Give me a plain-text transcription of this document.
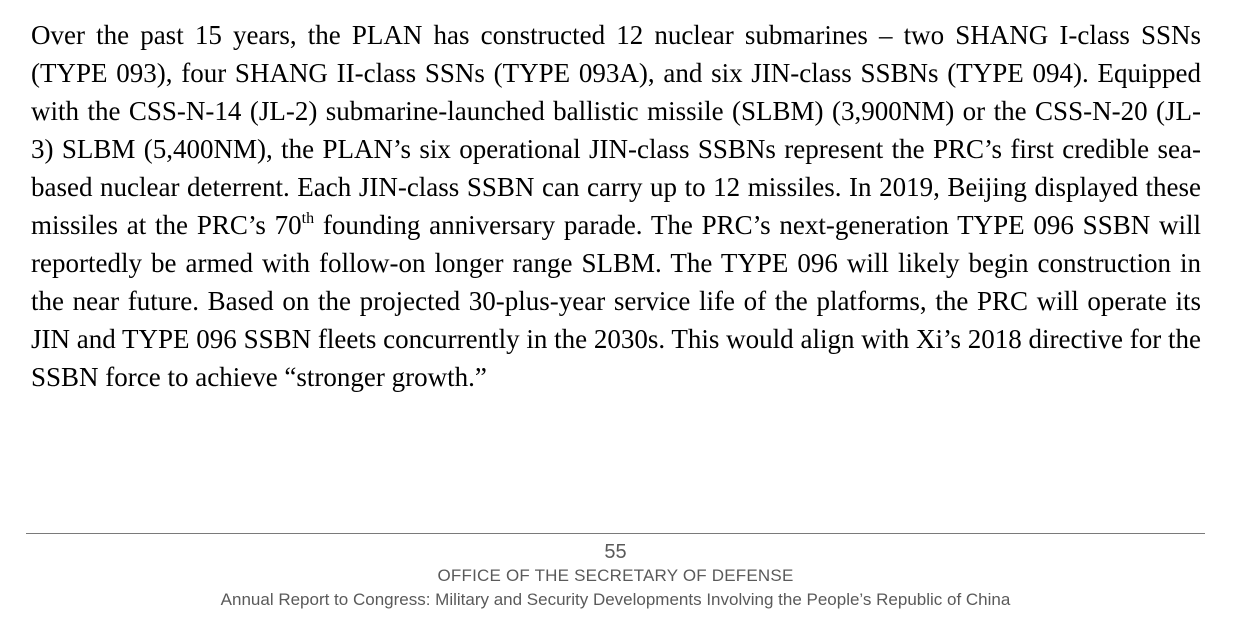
Over the past 15 years, the PLAN has constructed 12 nuclear submarines – two SHANG I-class SSNs (TYPE 093), four SHANG II-class SSNs (TYPE 093A), and six JIN-class SSBNs (TYPE 094). Equipped with the CSS-N-14 (JL-2) submarine-launched ballistic missile (SLBM) (3,900NM) or the CSS-N-20 (JL-3) SLBM (5,400NM), the PLAN’s six operational JIN-class SSBNs represent the PRC’s first credible sea-based nuclear deterrent. Each JIN-class SSBN can carry up to 12 missiles. In 2019, Beijing displayed these missiles at the PRC’s 70th founding anniversary parade. The PRC’s next-generation TYPE 096 SSBN will reportedly be armed with follow-on longer range SLBM. The TYPE 096 will likely begin construction in the near future. Based on the projected 30-plus-year service life of the platforms, the PRC will operate its JIN and TYPE 096 SSBN fleets concurrently in the 2030s. This would align with Xi’s 2018 directive for the SSBN force to achieve “stronger growth.”

55
OFFICE OF THE SECRETARY OF DEFENSE
Annual Report to Congress: Military and Security Developments Involving the People’s Republic of China
